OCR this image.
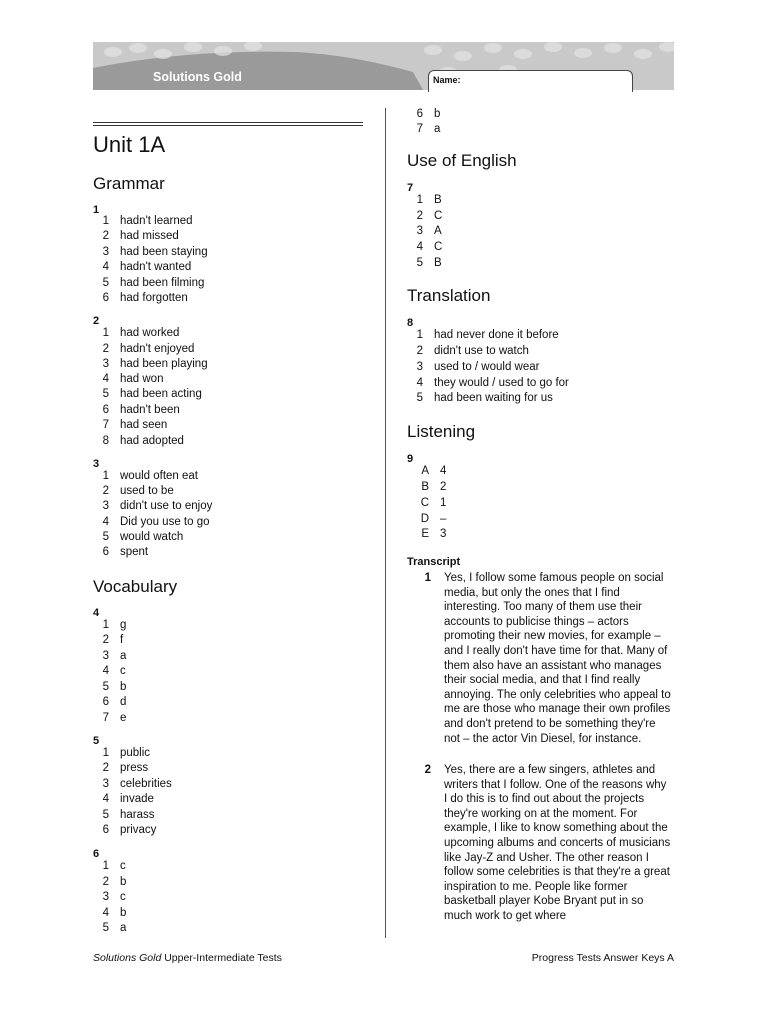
Solutions Gold	Name:
Unit 1A
Grammar
1
1 hadn't learned
2 had missed
3 had been staying
4 hadn't wanted
5 had been filming
6 had forgotten
2
1 had worked
2 hadn't enjoyed
3 had been playing
4 had won
5 had been acting
6 hadn't been
7 had seen
8 had adopted
3
1 would often eat
2 used to be
3 didn't use to enjoy
4 Did you use to go
5 would watch
6 spent
Vocabulary
4
1 g
2 f
3 a
4 c
5 b
6 d
7 e
5
1 public
2 press
3 celebrities
4 invade
5 harass
6 privacy
6
1 c
2 b
3 c
4 b
5 a
6 b
7 a
Use of English
7
1 B
2 C
3 A
4 C
5 B
Translation
8
1 had never done it before
2 didn't use to watch
3 used to / would wear
4 they would / used to go for
5 had been waiting for us
Listening
9
A 4
B 2
C 1
D –
E 3
Transcript
1 Yes, I follow some famous people on social media, but only the ones that I find interesting. Too many of them use their accounts to publicise things – actors promoting their new movies, for example – and I really don't have time for that. Many of them also have an assistant who manages their social media, and that I find really annoying. The only celebrities who appeal to me are those who manage their own profiles and don't pretend to be something they're not – the actor Vin Diesel, for instance.
2 Yes, there are a few singers, athletes and writers that I follow. One of the reasons why I do this is to find out about the projects they're working on at the moment. For example, I like to know something about the upcoming albums and concerts of musicians like Jay-Z and Usher. The other reason I follow some celebrities is that they're a great inspiration to me. People like former basketball player Kobe Bryant put in so much work to get where
Solutions Gold Upper-Intermediate Tests	Progress Tests Answer Keys A
